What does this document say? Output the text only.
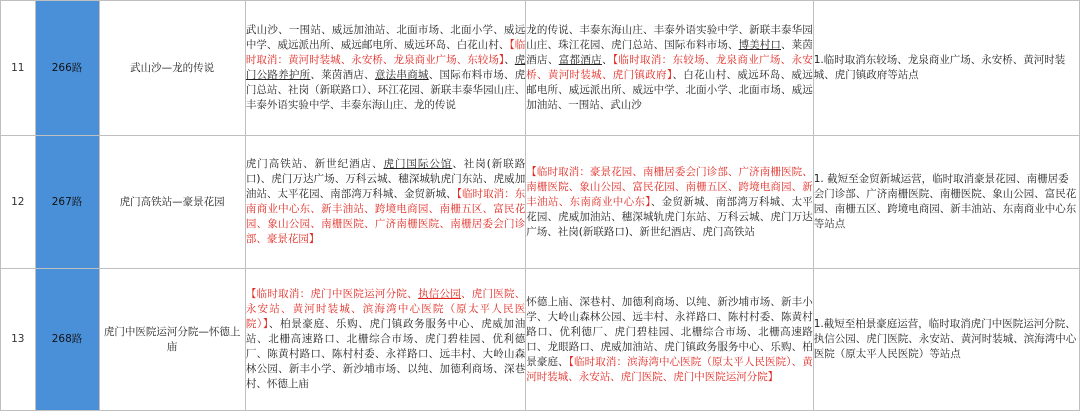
11	266路	武山沙—龙的传说	武山沙、一围站、威远加油站、北面市场、北面小学、威远中学、威远派出所、威远邮电所、威远环岛、白花山村、【临时取消：黄河时装城、永安桥、龙泉商业广场、东较场】、虎门公路养护所、莱茵酒店、意法串商城、国际布料市场、虎门总站、社岗（新联路口）、环江花园、新联丰泰华园山庄、丰泰外语实验中学、丰泰东海山庄、龙的传说	龙的传说、丰泰东海山庄、丰泰外语实验中学、新联丰泰华园山庄、珠江花园、虎门总站、国际布料市场、博美村口、莱茵酒店、富都酒店、【临时取消：东较场、龙泉商业广场、永安桥、黄河时装城、虎门镇政府】、白花山村、威远环岛、威远邮电所、威远派出所、威远中学、北面小学、北面市场、威远加油站、一围站、武山沙	1.临时取消东较场、龙泉商业广场、永安桥、黄河时装城、虎门镇政府等站点
12	267路	虎门高铁站—豪景花园	虎门高铁站、新世纪酒店、虎门国际公馆、社岗(新联路口)、虎门万达广场、万科云城、穗深城轨虎门东站、虎威加油站、太平花园、南部湾万科城、金贸新城、【临时取消：东南商业中心东、新丰油站、跨境电商园、南栅五区、富民花园、象山公园、南栅医院、广济南栅医院、南栅居委会门诊部、豪景花园】	【临时取消：豪景花园、南栅居委会门诊部、广济南栅医院、南栅医院、象山公园、富民花园、南栅五区、跨境电商园、新丰油站、东南商业中心东】、金贸新城、南部湾万科城、太平花园、虎威加油站、穗深城轨虎门东站、万科云城、虎门万达广场、社岗(新联路口)、新世纪酒店、虎门高铁站	1. 截短至金贸新城运营，临时取消豪景花园、南栅居委会门诊部、广济南栅医院、南栅医院、象山公园、富民花园、南栅五区、跨境电商园、新丰油站、东南商业中心东等站点
13	268路	虎门中医院运河分院—怀德上庙	【临时取消：虎门中医院运河分院、执信公园、虎门医院、永安站、黄河时装城、滨海湾中心医院（原太平人民医院）】、柏景豪庭、乐购、虎门镇政务服务中心、虎威加油站、北栅高速路口、北栅综合市场、虎门碧桂园、优利德厂、陈黄村路口、陈村村委、永祥路口、远丰村、大岭山森林公园、新丰小学、新沙埔市场、以纯、加德利商场、深巷村、怀德上庙	怀德上庙、深巷村、加德利商场、以纯、新沙埔市场、新丰小学、大岭山森林公园、远丰村、永祥路口、陈村村委、陈黄村路口、优利德厂、虎门碧桂园、北栅综合市场、北栅高速路口、龙眼路口、虎威加油站、虎门镇政务服务中心、乐购、柏景豪庭、【临时取消：滨海湾中心医院（原太平人民医院）、黄河时装城、永安站、虎门医院、虎门中医院运河分院】	1.截短至柏景豪庭运营，临时取消虎门中医院运河分院、执信公园、虎门医院、永安站、黄河时装城、滨海湾中心医院（原太平人民医院）等站点
